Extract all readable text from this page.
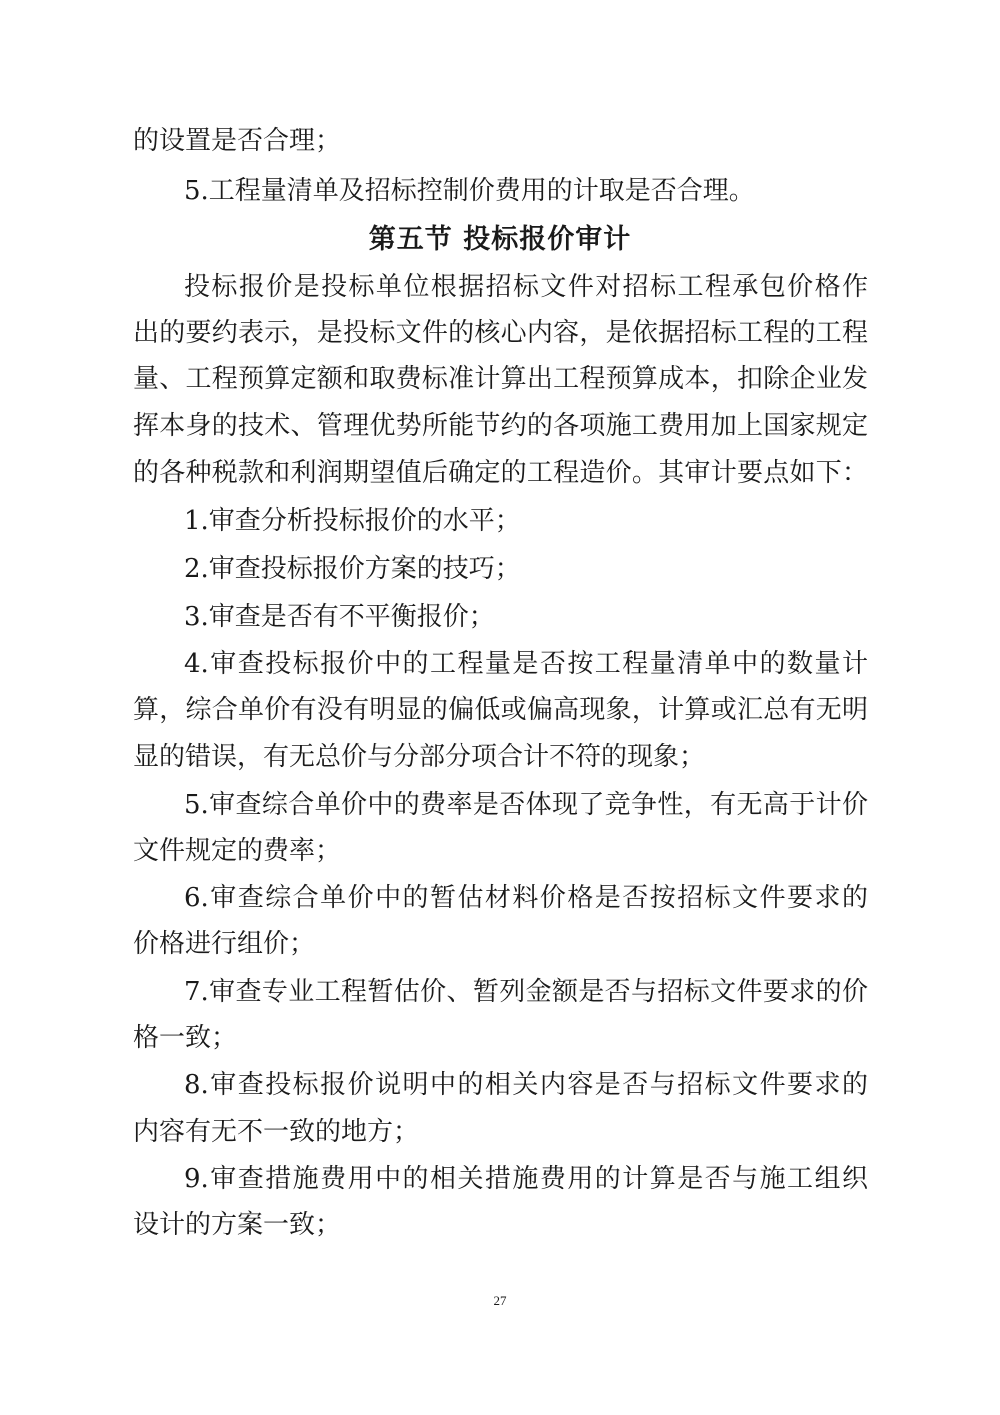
的设置是否合理；
5.工程量清单及招标控制价费用的计取是否合理。
第五节 投标报价审计
投标报价是投标单位根据招标文件对招标工程承包价格作
出的要约表示，是投标文件的核心内容，是依据招标工程的工程
量、工程预算定额和取费标准计算出工程预算成本，扣除企业发
挥本身的技术、管理优势所能节约的各项施工费用加上国家规定
的各种税款和利润期望值后确定的工程造价。其审计要点如下：
1.审查分析投标报价的水平；
2.审查投标报价方案的技巧；
3.审查是否有不平衡报价；
4.审查投标报价中的工程量是否按工程量清单中的数量计
算，综合单价有没有明显的偏低或偏高现象，计算或汇总有无明
显的错误，有无总价与分部分项合计不符的现象；
5.审查综合单价中的费率是否体现了竞争性，有无高于计价
文件规定的费率；
6.审查综合单价中的暂估材料价格是否按招标文件要求的
价格进行组价；
7.审查专业工程暂估价、暂列金额是否与招标文件要求的价
格一致；
8.审查投标报价说明中的相关内容是否与招标文件要求的
内容有无不一致的地方；
9.审查措施费用中的相关措施费用的计算是否与施工组织
设计的方案一致；
27
